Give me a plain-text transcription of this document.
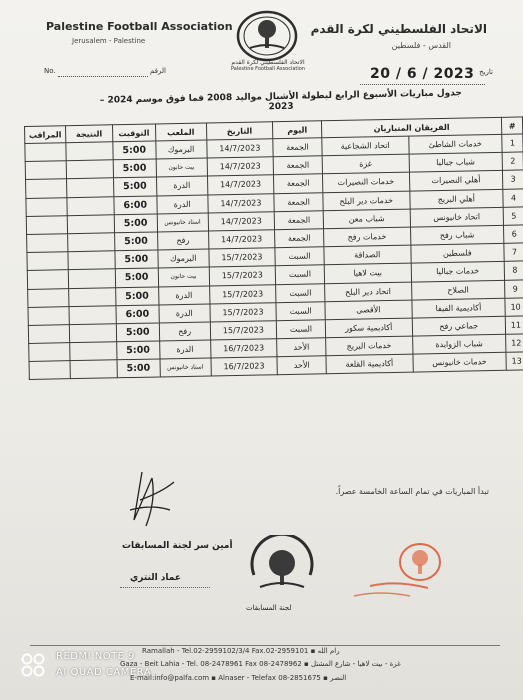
Palestine Football Association
Jerusalem - Palestine
الاتحاد الفلسطيني لكرة القدم
القدس - فلسطين
الاتحاد الفلسطيني لكرة القدم
Palestine Football Association
No.	الرقم	20 / 6 / 2023 تاريخ
جدول مباريات الأسبوع الرابع لبطولة الأشبال مواليد 2008 فما فوق موسم 2024 – 2023
#	الفريقان المتباريان		اليوم	التاريخ	الملعب	التوقيت	النتيجة	المراقب
1	خدمات الشاطئ	اتحاد الشجاعية	الجمعة	14/7/2023	اليرموك	5:00		
2	شباب جباليا	غزة	الجمعة	14/7/2023	بيت حانون	5:00		
3	أهلي النصيرات	خدمات النصيرات	الجمعة	14/7/2023	الدرة	5:00		
4	أهلي البريج	خدمات دير البلح	الجمعة	14/7/2023	الدرة	6:00		
5	اتحاد خانيونس	شباب معن	الجمعة	14/7/2023	استاد خانيونس	5:00		
6	شباب رفح	خدمات رفح	الجمعة	14/7/2023	رفح	5:00		
7	فلسطين	الصداقة	السبت	15/7/2023	اليرموك	5:00		
8	خدمات جباليا	بيت لاهيا	السبت	15/7/2023	بيت حانون	5:00		
9	الصلاح	اتحاد دير البلح	السبت	15/7/2023	الدرة	5:00		
10	أكاديمية الفيفا	الأقصى	السبت	15/7/2023	الدرة	6:00		
11	جماعي رفح	أكاديمية سكور	السبت	15/7/2023	رفح	5:00		
12	شباب الزوايدة	خدمات البريج	الأحد	16/7/2023	الدرة	5:00		
13	خدمات خانيونس	أكاديمية القلعة	الأحد	16/7/2023	استاد خانيونس	5:00		
تبدأ المباريات في تمام الساعة الخامسة عصراً.
أمين سر لجنة المسابقات
عماد النتري
لجنة المسابقات
Ramallah - Tel.02-2959102/3/4 Fax.02-2959101 ▪ رام الله
Gaza - Beit Lahia - Tel. 08-2478961 Fax 08-2478962 ▪ غزة - بيت لاهيا - شارع المشتل
E-mail:info@palfa.com ▪ Alnaser - Telefax 08-2851675 ▪ النصر
REDMI NOTE 9
AI QUAD CAMERA
